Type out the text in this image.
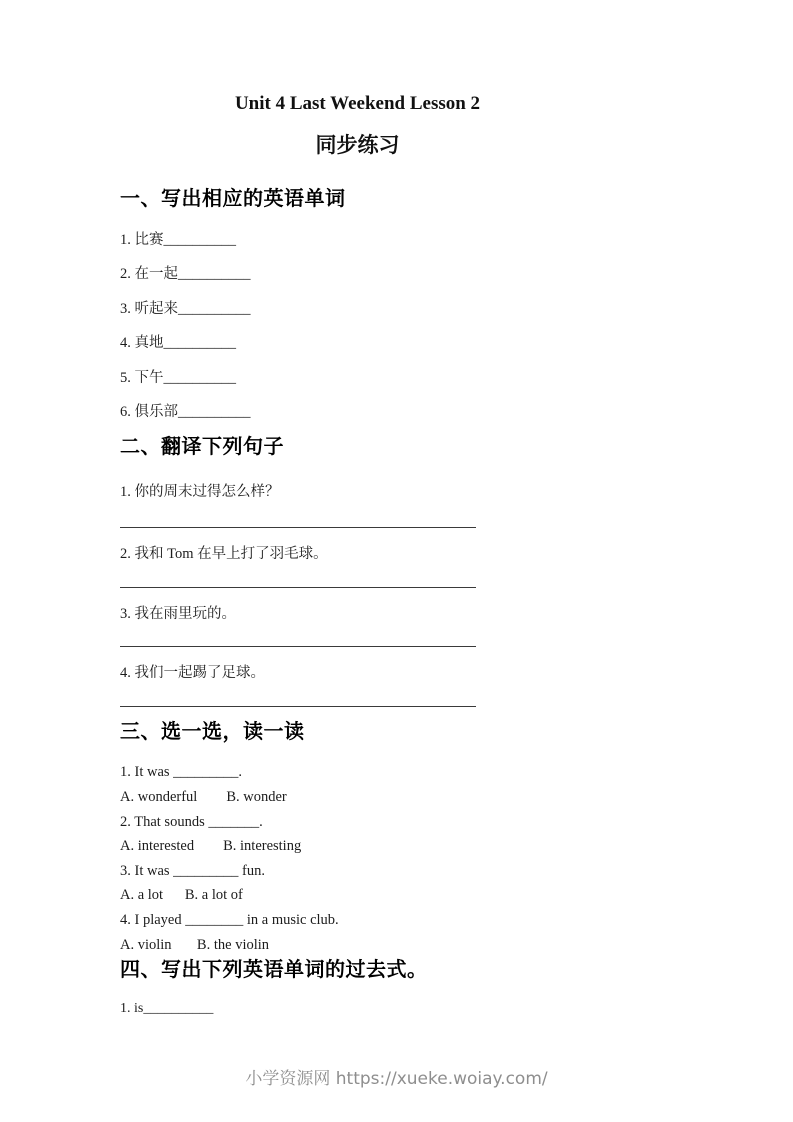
Unit 4 Last Weekend Lesson 2
同步练习
一、写出相应的英语单词

1. 比赛__________

2. 在一起__________

3. 听起来__________

4. 真地__________

5. 下午__________

6. 俱乐部__________

二、翻译下列句子

1. 你的周末过得怎么样？

2. 我和 Tom 在早上打了羽毛球。

3. 我在雨里玩的。

4. 我们一起踢了足球。

三、选一选，读一读

1. It was _________.

A. wonderful        B. wonder

2. That sounds _______.

A. interested        B. interesting

3. It was _________ fun.

A. a lot      B. a lot of

4. I played ________ in a music club.

A. violin       B. the violin

四、写出下列英语单词的过去式。

1. is__________

小学资源网 https://xueke.woiay.com/
